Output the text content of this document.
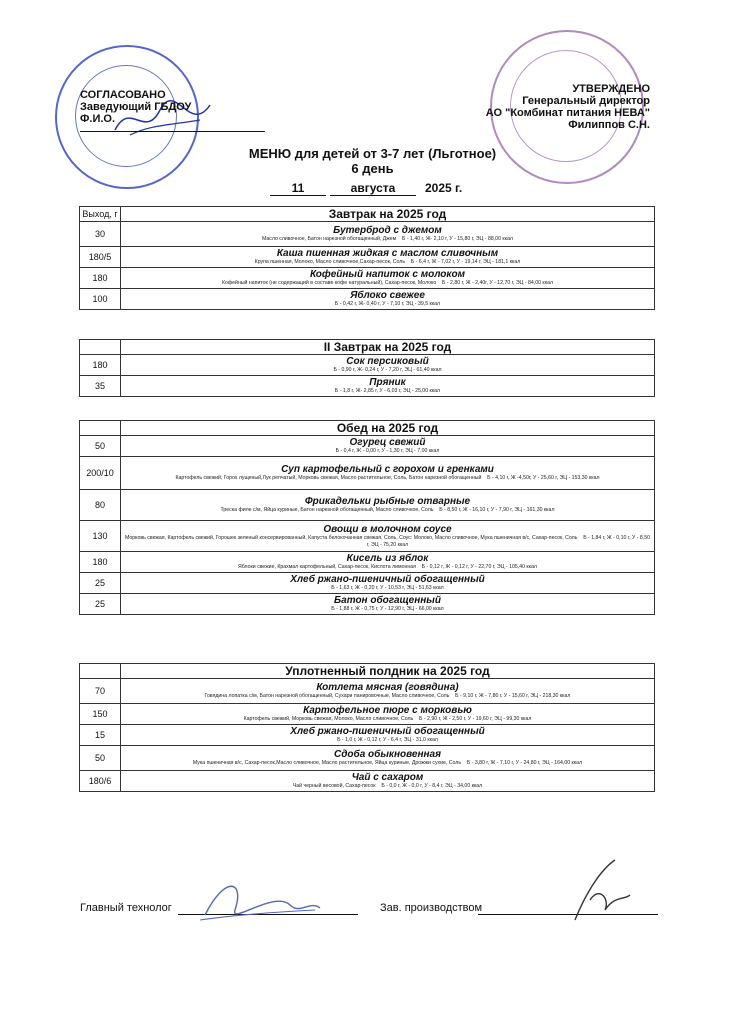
СОГЛАСОВАНО
Заведующий ГБДОУ
Ф.И.О.
УТВЕРЖДЕНО
Генеральный директор
АО "Комбинат питания НЕВА"
Филиппов С.Н.
МЕНЮ для детей от 3-7 лет (Льготное)
6 день
11	августа	2025 г.
Выход, г	Завтрак на 2025 год
30	Бутерброд с джемом
Масло сливочное, Батон нарезной обогащенный, Джем Б - 1,40 г, Ж- 2,10 г, У - 15,80 г, ЭЦ - 88,00 ккал

180/5	Каша пшенная жидкая с маслом сливочным
Крупа пшенная, Молоко, Масло сливочное,Сахар-песок, Соль Б - 6,4 г, Ж - 7,02 г, У - 19,14 г, ЭЦ - 181,1 ккал

180	Кофейный напиток с молоком
Кофейный напиток (не содержащий в составе кофе натуральный), Сахар-песок, Молоко Б - 2,80 г, Ж - 2,40г, У - 12,70 г, ЭЦ - 84,00 ккал

100	Яблоко свежее
Б - 0,42 г, Ж- 0,40 г, У - 7,10 г, ЭЦ - 39,5 ккал
	II Завтрак на 2025 год
180	Сок персиковый
Б - 0,90 г, Ж- 0,24 г, У - 7,20 г, ЭЦ - 61,40 ккал

35	Пряник
Б - 1,8 г, Ж- 2,85 г, У - 6,03 г, ЭЦ - 25,00 ккал
	Обед на 2025 год
50	Огурец свежий
Б - 0,4 г, Ж - 0,00 г, У - 1,30 г, ЭЦ - 7,00 ккал

200/10	Суп картофельный с горохом и гренками
Картофель свежий, Горох лущеный,Лук репчатый, Морковь свежая, Масло растительное, Соль, Батон нарезной обогащенный Б - 4,10 г, Ж -4,50г, У - 25,60 г, ЭЦ - 153,30 ккал

80	Фрикадельки рыбные отварные
Треска филе с/м, Яйца куриные, Батон нарезной обогащенный, Масло сливочное, Соль Б - 8,50 г, Ж - 16,10 г, У - 7,90 г, ЭЦ - 161,30 ккал

130	Овощи в молочном соусе
Морковь свежая, Картофель свежий, Горошек зеленый консервированный, Капуста белокочанная свежая, Соль, Соус: Молоко, Масло сливочное, Мука пшеничная в/с, Сахар-песок, Соль Б - 1,84 г, Ж - 0,10 г, У - 8,50 г, ЭЦ - 75,20 ккал

180	Кисель из яблок
Яблоки свежие, Крахмал картофельный, Сахар-песок, Кислота лимонная Б - 0,12 г, Ж - 0,12 г, У - 22,70 г, ЭЦ - 105,40 ккал

25	Хлеб ржано-пшеничный обогащенный
Б - 1,63 г, Ж - 0,20 г, У - 10,53 г, ЭЦ - 51,63 ккал

25	Батон обогащенный
Б - 1,88 г, Ж - 0,75 г, У - 12,90 г, ЭЦ - 66,00 ккал
	Уплотненный полдник на 2025 год
70	Котлета мясная (говядина)
Говядина лопатка с/м, Батон нарезной обогащенный, Сухари панировочные, Масло сливочное, Соль Б - 9,10 г, Ж - 7,80 г, У - 15,60 г, ЭЦ - 218,30 ккал

150	Картофельное пюре с морковью
Картофель свежий, Морковь свежая, Молоко, Масло сливочное, Соль Б - 2,90 г, Ж - 2,50 г, У - 19,60 г, ЭЦ - 99,30 ккал

15	Хлеб ржано-пшеничный обогащенный
Б - 1,0 г, Ж - 0,12 г, У - 6,4 г, ЭЦ - 31,0 ккал

50	Сдоба обыкновенная
Мука пшеничная в/с, Сахар-песок,Масло сливочное, Масло растительное, Яйца куриные, Дрожжи сухие, Соль Б - 3,80 г, Ж - 7,10 г, У - 24,80 г, ЭЦ - 164,00 ккал

180/6	Чай с сахаром
Чай черный весовой, Сахар-песок Б - 0,0 г, Ж - 0,0 г, У - 8,4 г, ЭЦ - 34,00 ккал
Главный технолог	Зав. производством
